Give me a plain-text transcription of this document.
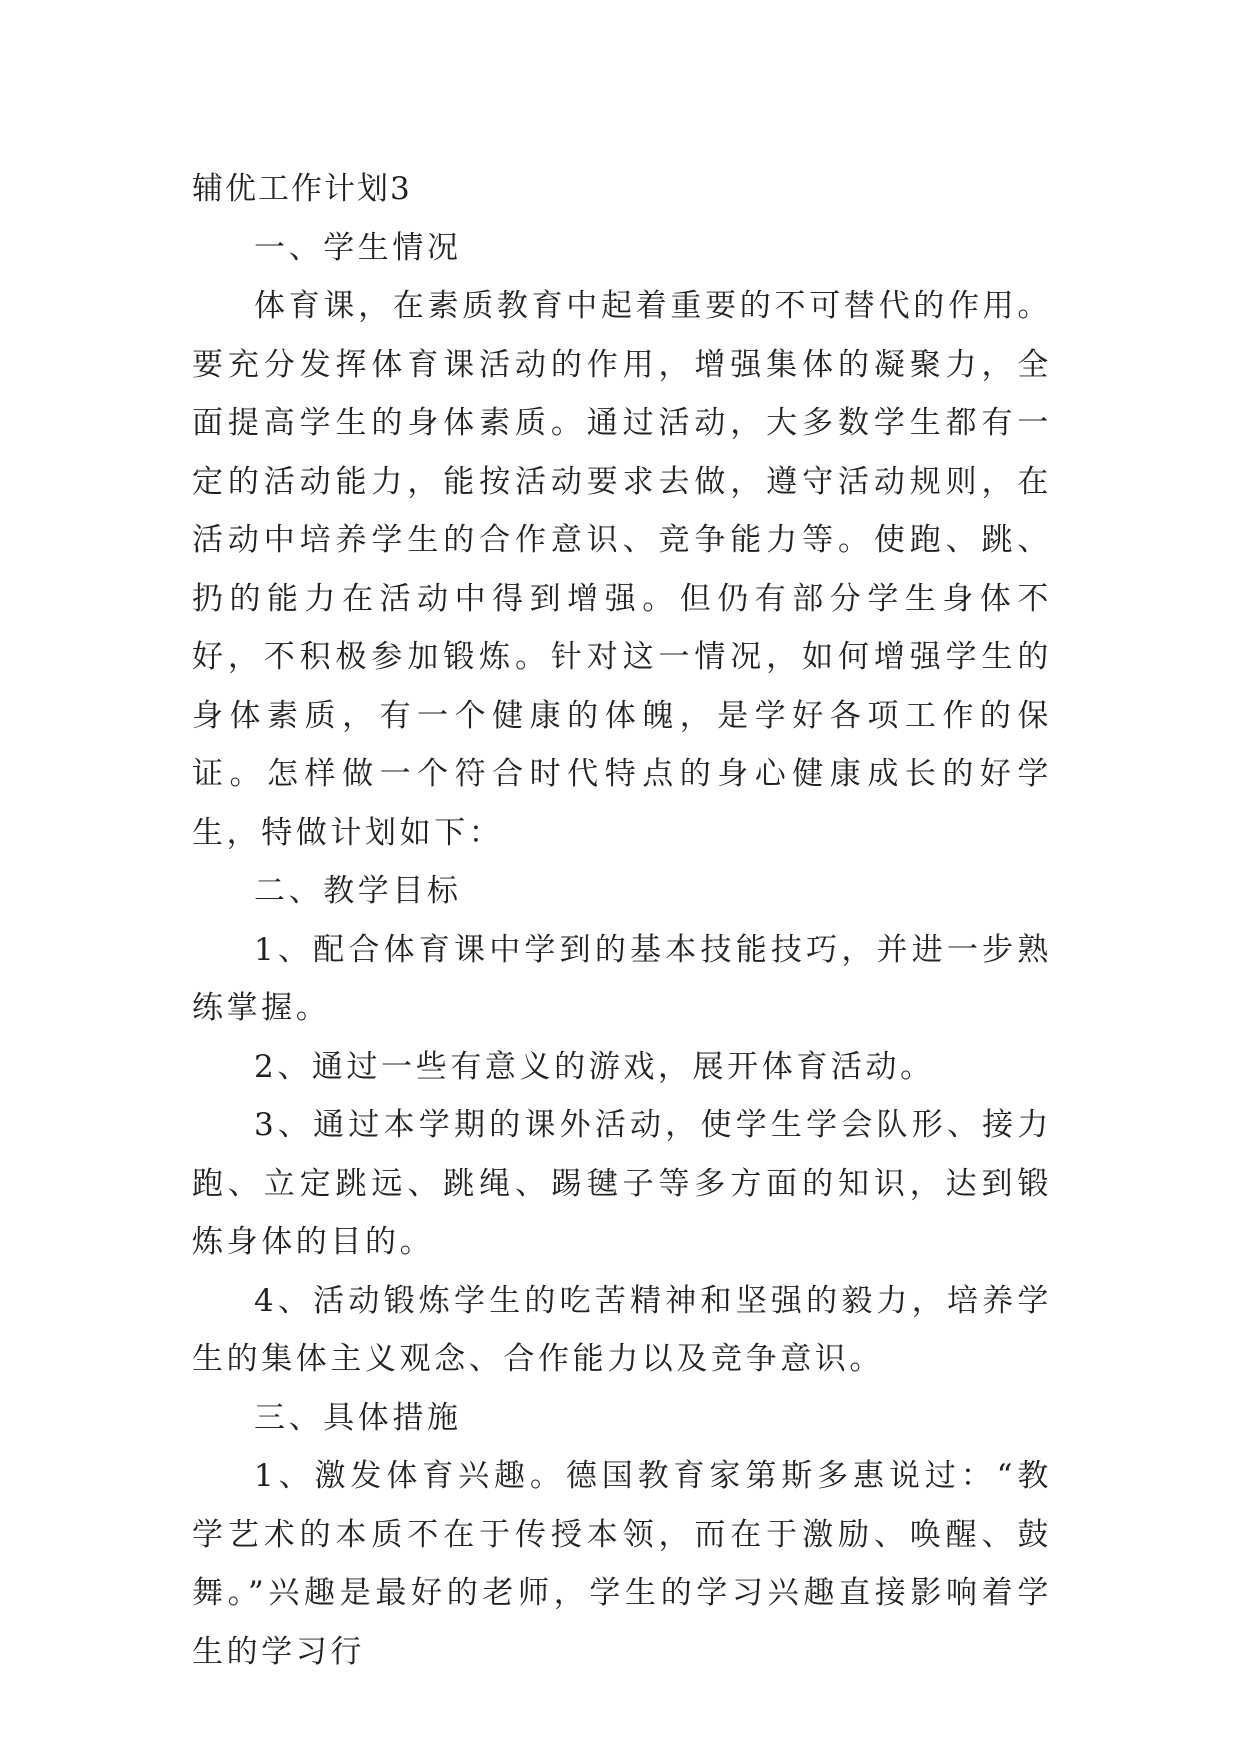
辅优工作计划3

一、学生情况

体育课，在素质教育中起着重要的不可替代的作用。要充分发挥体育课活动的作用，增强集体的凝聚力，全面提高学生的身体素质。通过活动，大多数学生都有一定的活动能力，能按活动要求去做，遵守活动规则，在活动中培养学生的合作意识、竞争能力等。使跑、跳、扔的能力在活动中得到增强。但仍有部分学生身体不好，不积极参加锻炼。针对这一情况，如何增强学生的身体素质，有一个健康的体魄，是学好各项工作的保证。怎样做一个符合时代特点的身心健康成长的好学生，特做计划如下：

二、教学目标

1、配合体育课中学到的基本技能技巧，并进一步熟练掌握。

2、通过一些有意义的游戏，展开体育活动。

3、通过本学期的课外活动，使学生学会队形、接力跑、立定跳远、跳绳、踢毽子等多方面的知识，达到锻炼身体的目的。

4、活动锻炼学生的吃苦精神和坚强的毅力，培养学生的集体主义观念、合作能力以及竞争意识。

三、具体措施

1、激发体育兴趣。德国教育家第斯多惠说过：“教学艺术的本质不在于传授本领，而在于激励、唤醒、鼓舞。”兴趣是最好的老师，学生的学习兴趣直接影响着学生的学习行
